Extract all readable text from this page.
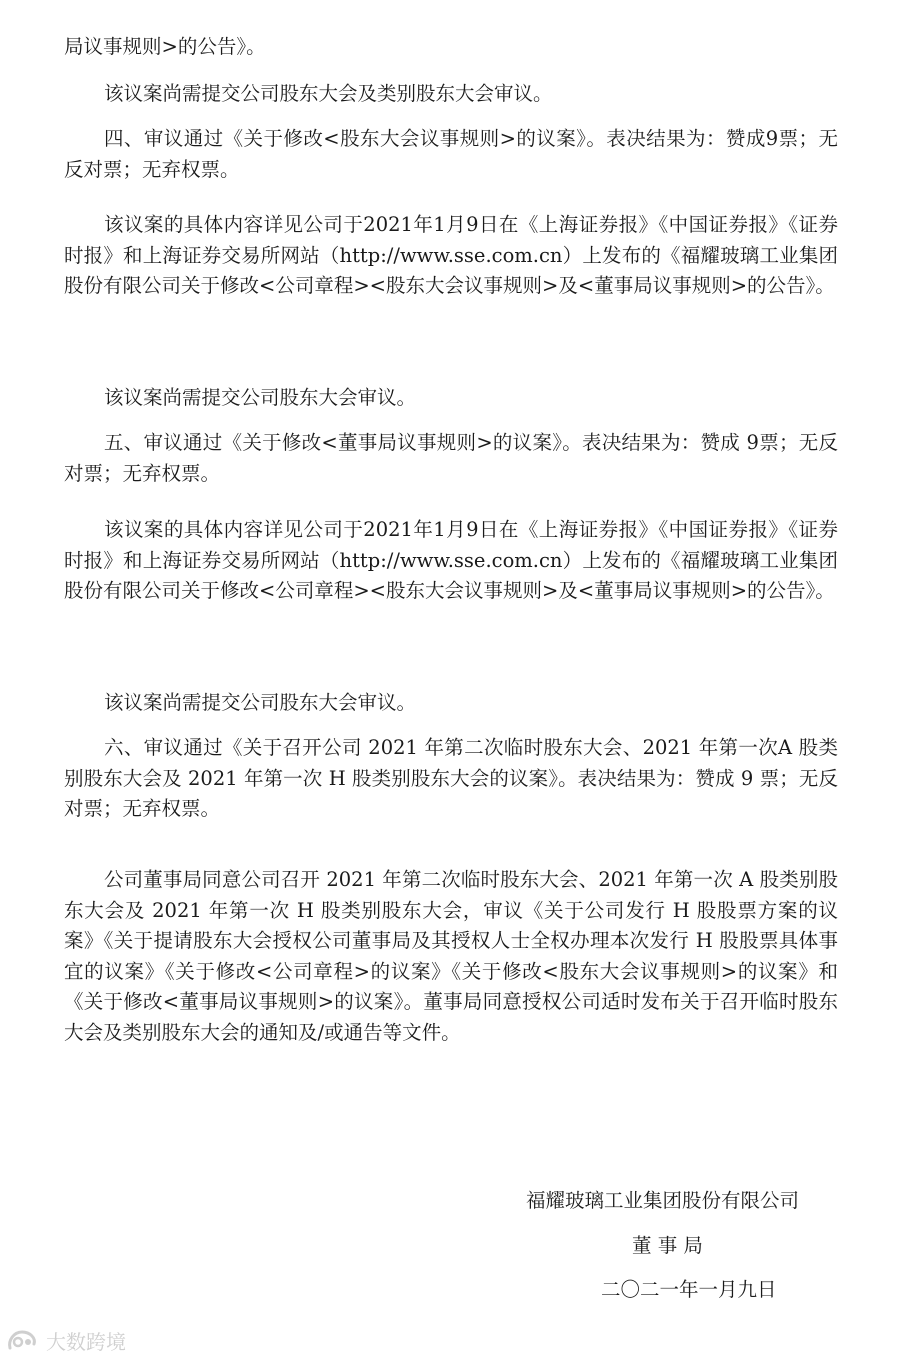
局议事规则>的公告》。

该议案尚需提交公司股东大会及类别股东大会审议。

四、审议通过《关于修改<股东大会议事规则>的议案》。表决结果为：赞成9票；无反对票；无弃权票。

该议案的具体内容详见公司于2021年1月9日在《上海证券报》《中国证券报》《证券时报》和上海证券交易所网站（http://www.sse.com.cn）上发布的《福耀玻璃工业集团股份有限公司关于修改<公司章程><股东大会议事规则>及<董事局议事规则>的公告》。

该议案尚需提交公司股东大会审议。

五、审议通过《关于修改<董事局议事规则>的议案》。表决结果为：赞成 9票；无反对票；无弃权票。

该议案的具体内容详见公司于2021年1月9日在《上海证券报》《中国证券报》《证券时报》和上海证券交易所网站（http://www.sse.com.cn）上发布的《福耀玻璃工业集团股份有限公司关于修改<公司章程><股东大会议事规则>及<董事局议事规则>的公告》。

该议案尚需提交公司股东大会审议。

六、审议通过《关于召开公司 2021 年第二次临时股东大会、2021 年第一次A 股类别股东大会及 2021 年第一次 H 股类别股东大会的议案》。表决结果为：赞成 9 票；无反对票；无弃权票。

公司董事局同意公司召开 2021 年第二次临时股东大会、2021 年第一次 A 股类别股东大会及 2021 年第一次 H 股类别股东大会，审议《关于公司发行 H 股股票方案的议案》《关于提请股东大会授权公司董事局及其授权人士全权办理本次发行 H 股股票具体事宜的议案》《关于修改<公司章程>的议案》《关于修改<股东大会议事规则>的议案》和《关于修改<董事局议事规则>的议案》。董事局同意授权公司适时发布关于召开临时股东大会及类别股东大会的通知及/或通告等文件。

福耀玻璃工业集团股份有限公司

董 事 局

二〇二一年一月九日

大数跨境
